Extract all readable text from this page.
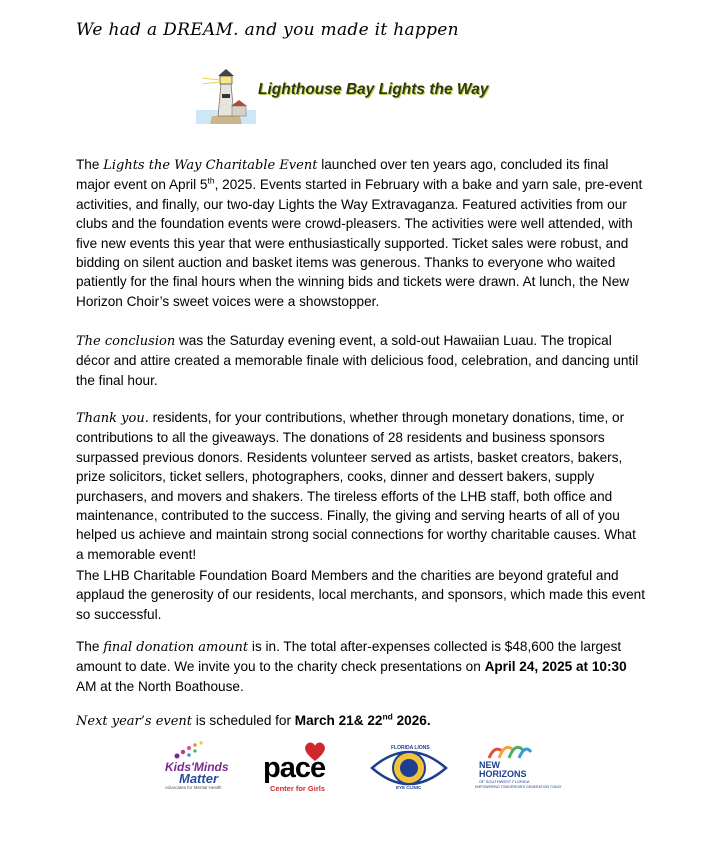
We had a DREAM. and you made it happen
Lighthouse Bay Lights the Way
The Lights the Way Charitable Event launched over ten years ago, concluded its final major event on April 5th, 2025. Events started in February with a bake and yarn sale, pre-event activities, and finally, our two-day Lights the Way Extravaganza. Featured activities from our clubs and the foundation events were crowd-pleasers. The activities were well attended, with five new events this year that were enthusiastically supported. Ticket sales were robust, and bidding on silent auction and basket items was generous. Thanks to everyone who waited patiently for the final hours when the winning bids and tickets were drawn. At lunch, the New Horizon Choir’s sweet voices were a showstopper.
The conclusion was the Saturday evening event, a sold-out Hawaiian Luau. The tropical décor and attire created a memorable finale with delicious food, celebration, and dancing until the final hour.
Thank you. residents, for your contributions, whether through monetary donations, time, or contributions to all the giveaways. The donations of 28 residents and business sponsors surpassed previous donors. Residents volunteer served as artists, basket creators, bakers, prize solicitors, ticket sellers, photographers, cooks, dinner and dessert bakers, supply purchasers, and movers and shakers. The tireless efforts of the LHB staff, both office and maintenance, contributed to the success. Finally, the giving and serving hearts of all of you helped us achieve and maintain strong social connections for worthy charitable causes. What a memorable event!
The LHB Charitable Foundation Board Members and the charities are beyond grateful and applaud the generosity of our residents, local merchants, and sponsors, which made this event so successful.
The final donation amount is in. The total after-expenses collected is $48,600 the largest amount to date. We invite you to the charity check presentations on April 24, 2025 at 10:30 AM at the North Boathouse.
Next year’s event is scheduled for March 21& 22nd 2026.
Kids'Minds
Matter
Advocates for Mental Health
pace
Center for Girls
FLORIDA LIONS
EYE CLINIC
NEW
HORIZONS
OF SOUTHWEST FLORIDA
EMPOWERING TOMORROW'S GENERATION TODAY
